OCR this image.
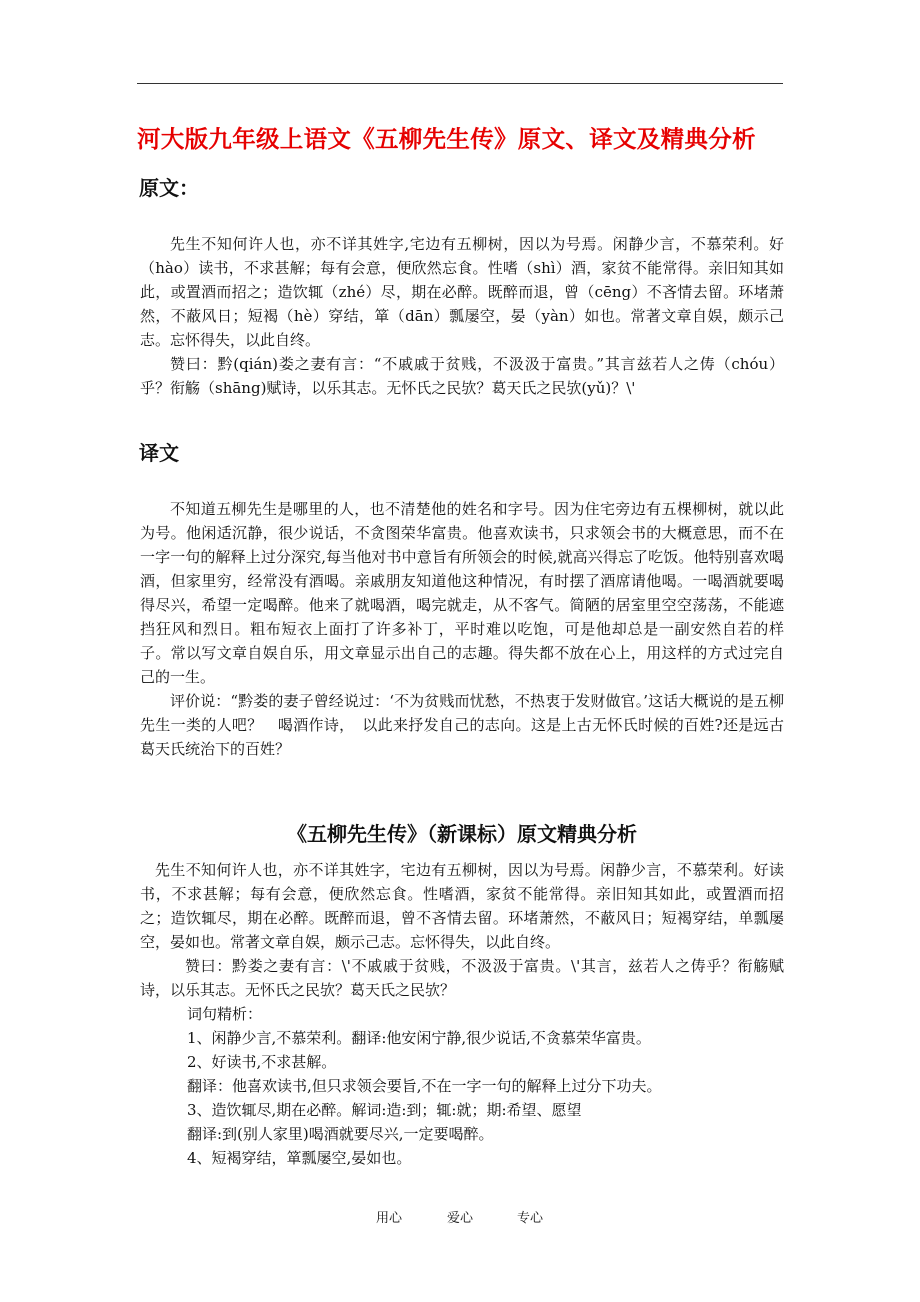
河大版九年级上语文《五柳先生传》原文、译文及精典分析
原文：

先生不知何许人也，亦不详其姓字,宅边有五柳树，因以为号焉。闲静少言，不慕荣利。好（hào）读书，不求甚解；每有会意，便欣然忘食。性嗜（shì）酒，家贫不能常得。亲旧知其如此，或置酒而招之；造饮辄（zhé）尽，期在必醉。既醉而退，曾（cēng）不吝情去留。环堵萧然，不蔽风日；短褐（hè）穿结，箪（dān）瓢屡空，晏（yàn）如也。常著文章自娱，颇示己志。忘怀得失，以此自终。

赞曰：黔(qián)娄之妻有言：“不戚戚于贫贱，不汲汲于富贵。”其言兹若人之俦（chóu）乎？衔觞（shāng)赋诗，以乐其志。无怀氏之民欤？葛天氏之民欤(yǔ)？\'

译文

不知道五柳先生是哪里的人，也不清楚他的姓名和字号。因为住宅旁边有五棵柳树，就以此为号。他闲适沉静，很少说话，不贪图荣华富贵。他喜欢读书，只求领会书的大概意思，而不在一字一句的解释上过分深究,每当他对书中意旨有所领会的时候,就高兴得忘了吃饭。他特别喜欢喝酒，但家里穷，经常没有酒喝。亲戚朋友知道他这种情况，有时摆了酒席请他喝。一喝酒就要喝得尽兴，希望一定喝醉。他来了就喝酒，喝完就走，从不客气。简陋的居室里空空荡荡，不能遮挡狂风和烈日。粗布短衣上面打了许多补丁，平时难以吃饱，可是他却总是一副安然自若的样子。常以写文章自娱自乐，用文章显示出自己的志趣。得失都不放在心上，用这样的方式过完自己的一生。

评价说：“黔娄的妻子曾经说过：‘不为贫贱而忧愁，不热衷于发财做官。’这话大概说的是五柳先生一类的人吧？　喝酒作诗，　以此来抒发自己的志向。这是上古无怀氏时候的百姓?还是远古葛天氏统治下的百姓？

《五柳先生传》（新课标）原文精典分析

先生不知何许人也，亦不详其姓字，宅边有五柳树，因以为号焉。闲静少言，不慕荣利。好读书，不求甚解；每有会意，便欣然忘食。性嗜酒，家贫不能常得。亲旧知其如此，或置酒而招之；造饮辄尽，期在必醉。既醉而退，曾不吝情去留。环堵萧然，不蔽风日；短褐穿结，单瓢屡空，晏如也。常著文章自娱，颇示己志。忘怀得失，以此自终。

赞曰：黔娄之妻有言：\'不戚戚于贫贱，不汲汲于富贵。\'其言，兹若人之俦乎？衔觞赋诗，以乐其志。无怀氏之民欤？葛天氏之民欤？

词句精析：

1、闲静少言,不慕荣利。翻译:他安闲宁静,很少说话,不贪慕荣华富贵。

2、好读书,不求甚解。

翻译：他喜欢读书,但只求领会要旨,不在一字一句的解释上过分下功夫。

3、造饮辄尽,期在必醉。解词:造:到；辄:就；期:希望、愿望

翻译:到(别人家里)喝酒就要尽兴,一定要喝醉。

4、短褐穿结，箪瓢屡空,晏如也。

用心	爱心	专心
